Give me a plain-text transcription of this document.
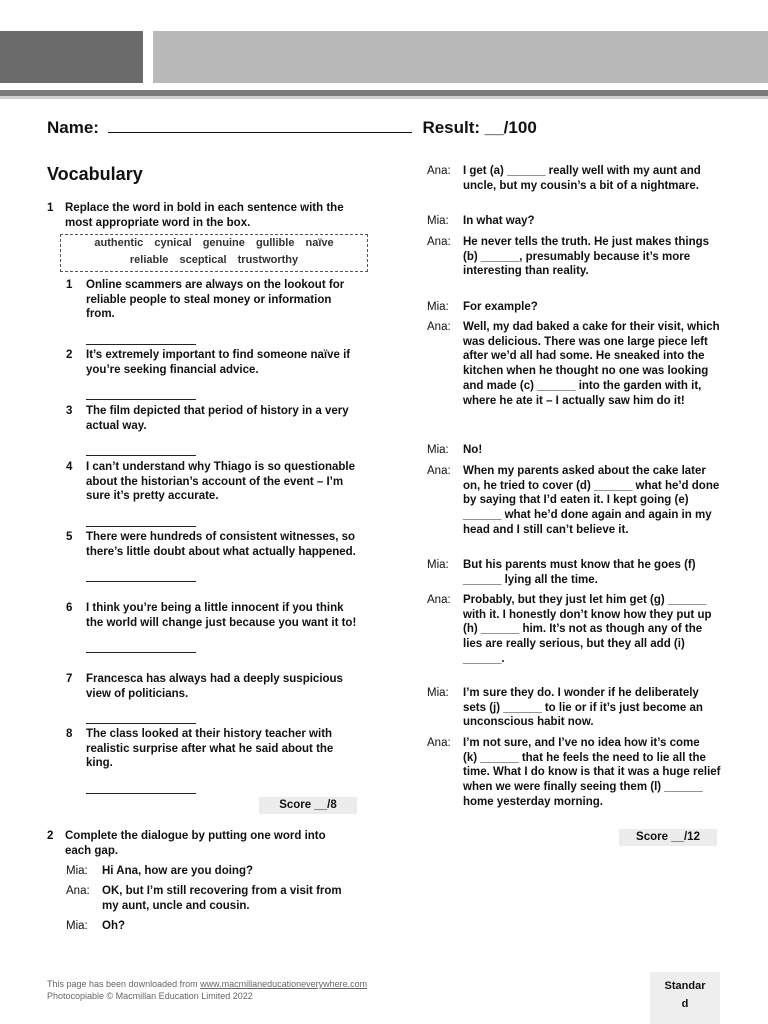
Name:	Result: __/100
Vocabulary
1 Replace the word in bold in each sentence with the most appropriate word in the box.
authentic cynical genuine gullible naïve
reliable sceptical trustworthy
1 Online scammers are always on the lookout for reliable people to steal money or information from.
2 It’s extremely important to find someone naïve if you’re seeking financial advice.
3 The film depicted that period of history in a very actual way.
4 I can’t understand why Thiago is so questionable about the historian’s account of the event – I’m sure it’s pretty accurate.
5 There were hundreds of consistent witnesses, so there’s little doubt about what actually happened.
6 I think you’re being a little innocent if you think the world will change just because you want it to!
7 Francesca has always had a deeply suspicious view of politicians.
8 The class looked at their history teacher with realistic surprise after what he said about the king.
Score __/8
2 Complete the dialogue by putting one word into each gap.
Mia: Hi Ana, how are you doing?
Ana: OK, but I’m still recovering from a visit from my aunt, uncle and cousin.
Mia: Oh?
Ana: I get (a) ______ really well with my aunt and uncle, but my cousin’s a bit of a nightmare.
Mia: In what way?
Ana: He never tells the truth. He just makes things
(b) ______, presumably because it’s more interesting than reality.
Mia: For example?
Ana: Well, my dad baked a cake for their visit, which was delicious. There was one large piece left after we’d all had some. He sneaked into the kitchen when he thought no one was looking and made (c) ______ into the garden with it, where he ate it – I actually saw him do it!
Mia: No!
Ana: When my parents asked about the cake later on, he tried to cover (d) ______ what he’d done by saying that I’d eaten it. I kept going (e) ______ what he’d done again and again in my head and I still can’t believe it.
Mia: But his parents must know that he goes (f) ______ lying all the time.
Ana: Probably, but they just let him get (g) ______ with it. I honestly don’t know how they put up
(h) ______ him. It’s not as though any of the lies are really serious, but they all add (i) ______.
Mia: I’m sure they do. I wonder if he deliberately sets (j) ______ to lie or if it’s just become an unconscious habit now.
Ana: I’m not sure, and I’ve no idea how it’s come
(k) ______ that he feels the need to lie all the time. What I do know is that it was a huge relief when we were finally seeing them (l) ______ home yesterday morning.
Score __/12
This page has been downloaded from www.macmillaneducationeverywhere.com
Photocopiable © Macmillan Education Limited 2022
Standar
d
